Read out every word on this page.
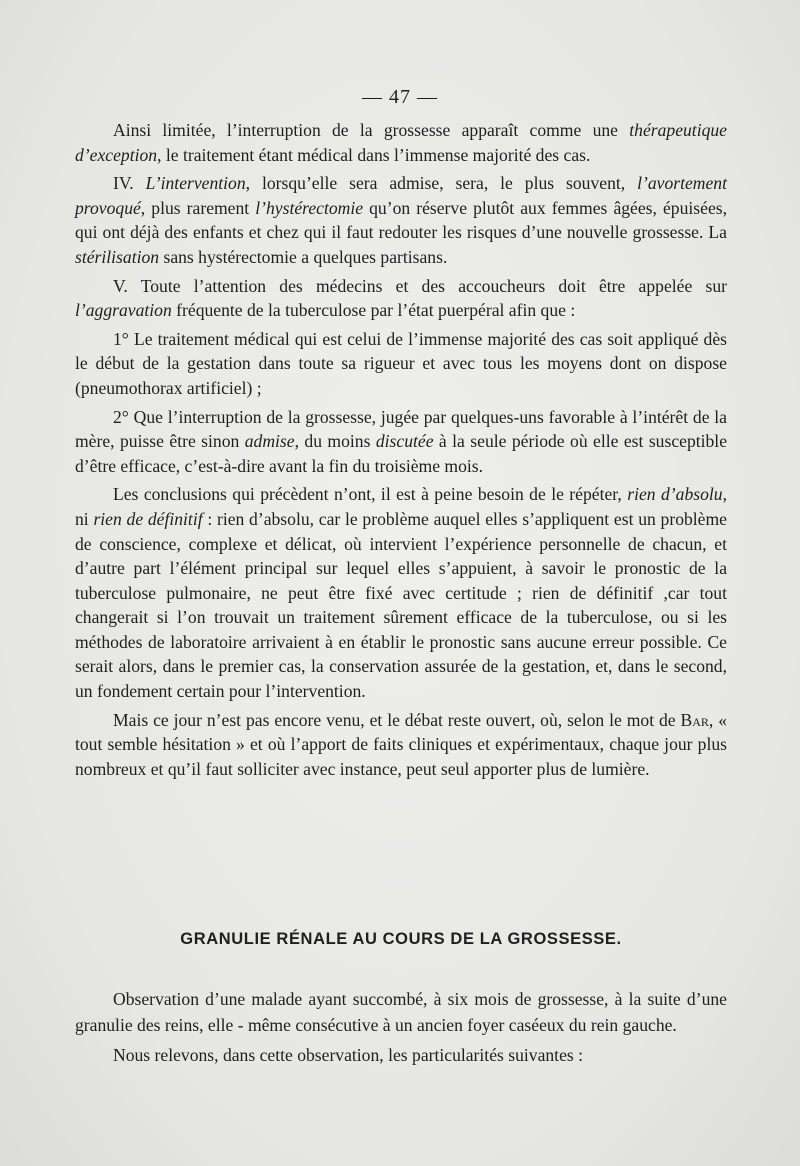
— 47 —

Ainsi limitée, l’interruption de la grossesse apparaît comme une thérapeutique d’exception, le traitement étant médical dans l’immense majorité des cas.

IV. L’intervention, lorsqu’elle sera admise, sera, le plus souvent, l’avortement provoqué, plus rarement l’hystérectomie qu’on réserve plutôt aux femmes âgées, épuisées, qui ont déjà des enfants et chez qui il faut redouter les risques d’une nouvelle grossesse. La stérilisation sans hystérectomie a quelques partisans.

V. Toute l’attention des médecins et des accoucheurs doit être appelée sur l’aggravation fréquente de la tuberculose par l’état puerpéral afin que :

1° Le traitement médical qui est celui de l’immense majorité des cas soit appliqué dès le début de la gestation dans toute sa rigueur et avec tous les moyens dont on dispose (pneumothorax artificiel) ;

2° Que l’interruption de la grossesse, jugée par quelques-uns favorable à l’intérêt de la mère, puisse être sinon admise, du moins discutée à la seule période où elle est susceptible d’être efficace, c’est-à-dire avant la fin du troisième mois.

Les conclusions qui précèdent n’ont, il est à peine besoin de le répéter, rien d’absolu, ni rien de définitif : rien d’absolu, car le problème auquel elles s’appliquent est un problème de conscience, complexe et délicat, où intervient l’expérience personnelle de chacun, et d’autre part l’élément principal sur lequel elles s’appuient, à savoir le pronostic de la tuberculose pulmonaire, ne peut être fixé avec certitude ; rien de définitif ,car tout changerait si l’on trouvait un traitement sûrement efficace de la tuberculose, ou si les méthodes de laboratoire arrivaient à en établir le pronostic sans aucune erreur possible. Ce serait alors, dans le premier cas, la conservation assurée de la gestation, et, dans le second, un fondement certain pour l’intervention.

Mais ce jour n’est pas encore venu, et le débat reste ouvert, où, selon le mot de Bar, « tout semble hésitation » et où l’apport de faits cliniques et expérimentaux, chaque jour plus nombreux et qu’il faut solliciter avec instance, peut seul apporter plus de lumière.

GRANULIE RÉNALE AU COURS DE LA GROSSESSE.

Observation d’une malade ayant succombé, à six mois de grossesse, à la suite d’une granulie des reins, elle - même consécutive à un ancien foyer caséeux du rein gauche.

Nous relevons, dans cette observation, les particularités suivantes :
